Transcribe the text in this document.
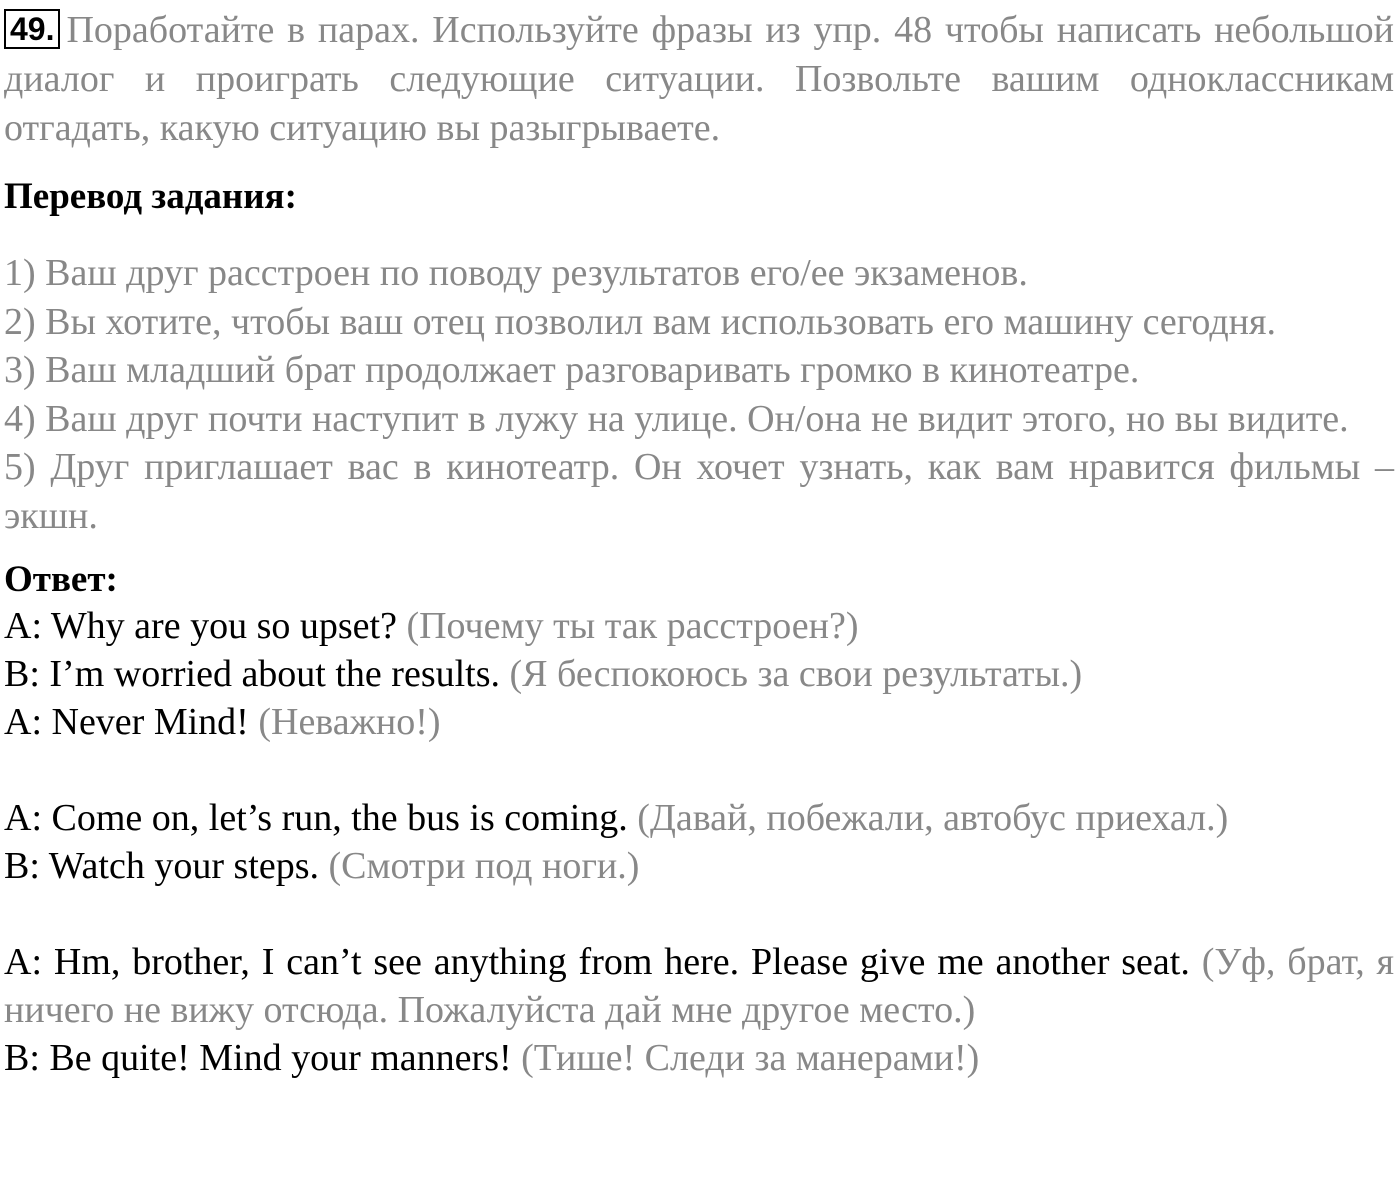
49. Поработайте в парах. Используйте фразы из упр. 48 чтобы написать небольшой диалог и проиграть следующие ситуации. Позвольте вашим одноклассникам отгадать, какую ситуацию вы разыгрываете.
Перевод задания:
1) Ваш друг расстроен по поводу результатов его/ее экзаменов.
2) Вы хотите, чтобы ваш отец позволил вам использовать его машину сегодня.
3) Ваш младший брат продолжает разговаривать громко в кинотеатре.
4) Ваш друг почти наступит в лужу на улице. Он/она не видит этого, но вы видите.
5) Друг приглашает вас в кинотеатр. Он хочет узнать, как вам нравится фильмы – экшн.
Ответ:
A: Why are you so upset? (Почему ты так расстроен?)
B: I’m worried about the results. (Я беспокоюсь за свои результаты.)
A: Never Mind! (Неважно!)
A: Come on, let’s run, the bus is coming. (Давай, побежали, автобус приехал.)
B: Watch your steps. (Смотри под ноги.)
A: Hm, brother, I can’t see anything from here. Please give me another seat. (Уф, брат, я ничего не вижу отсюда. Пожалуйста дай мне другое место.)
B: Be quite! Mind your manners! (Тише! Следи за манерами!)
